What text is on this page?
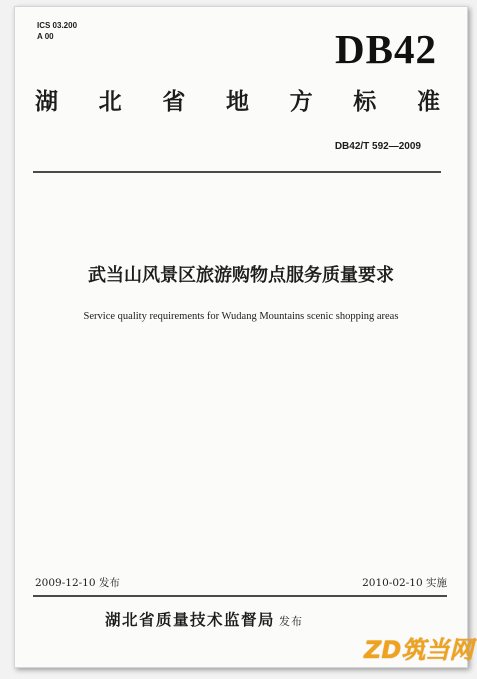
ICS 03.200
A 00	DB42
湖 北 省 地 方 标 准
DB42/T 592—2009
武当山风景区旅游购物点服务质量要求
Service quality requirements for Wudang Mountains scenic shopping areas
2009-12-10 发布	2010-02-10 实施
湖北省质量技术监督局 发布
ZD筑当网
